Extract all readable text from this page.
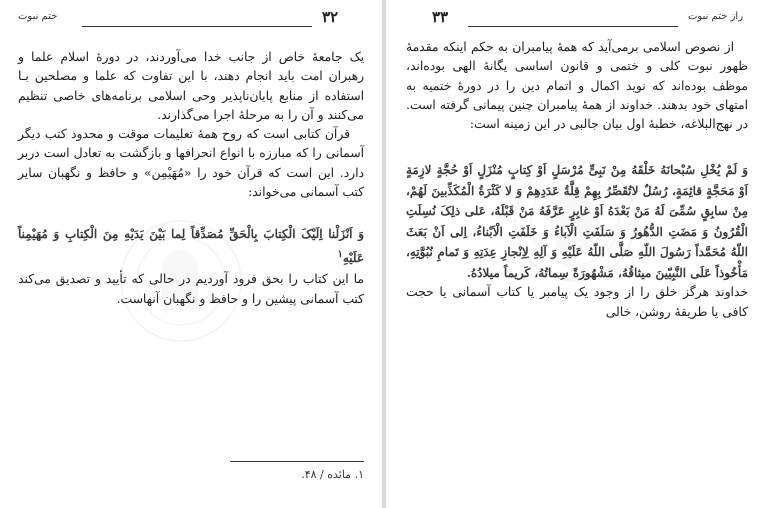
ختم نبوت	۳۲

یک جامعهٔ خاص از جانب خدا می‌آوردند، در دورهٔ اسلام علما و رهبران امت باید انجام دهند، با این تفاوت که علما و مصلحین بـا استفاده از منابع پایان‌ناپذیر وحی اسلامی برنامه‌های خاصی تنظیم می‌کنند و آن را به مرحلهٔ اجرا می‌گذارند.

قرآن کتابی است که روح همهٔ تعلیمات موقت و محدود کتب دیگر آسمانی را که مبارزه با انواع انحرافها و بازگشت به تعادل است دربر دارد. این است که قرآن خود را «مُهَیْمِن» و حافظ و نگهبان سایر کتب آسمانی می‌خواند:

وَ اَنْزَلْنا اِلَیْکَ الْکِتابَ بِالْحَقِّ مُصَدِّقاً لِما بَیْنَ یَدَیْهِ مِنَ الْکِتابِ وَ مُهَیْمِناً عَلَیْهِ$^۱$

ما این کتاب را بحق فرود آوردیم در حالی که تأیید و تصدیق می‌کند کتب آسمانی پیشین را و حافظ و نگهبان آنهاست.

۱. مائده / ۴۸.
۳۳	راز ختم نبوت

از نصوص اسلامی برمی‌آید که همهٔ پیامبران به حکم اینکه مقدمهٔ ظهور نبوت کلی و ختمی و قانون اساسی یگانهٔ الهی بوده‌اند، موظف بوده‌اند که نوید اکمال و اتمام دین را در دورهٔ ختمیه به امتهای خود بدهند. خداوند از همهٔ پیامبران چنین پیمانی گرفته است. در نهج‌البلاغه، خطبهٔ اول بیان جالبی در این زمینه است:

وَ لَمْ یُخْلِ سُبْحانَهُ خَلْقَهُ مِنْ نَبِیٍّ مُرْسَلٍ اَوْ کِتابٍ مُنْزَلٍ اَوْ حُجَّةٍ لازِمَةٍ اَوْ مَحَجَّةٍ قائِمَةٍ، رُسُلٌ لاتُقَصِّرُ بِهِمْ قِلَّةُ عَدَدِهِمْ وَ لا کَثْرَةُ الْمُکَذِّبینَ لَهُمْ، مِنْ سابِقٍ سُمِّیَ لَهُ مَنْ بَعْدَهُ اَوْ غابِرٍ عَرَّفَهُ مَنْ قَبْلَهُ، عَلی ذلِکَ نُسِلَتِ الْقُرُونُ وَ مَضَتِ الدُّهُورُ وَ سَلَفَتِ الْآباءُ وَ خَلَفَتِ الْاَبْناءُ، اِلی اَنْ بَعَثَ اللّهُ مُحَمَّداً رَسُولَ اللّهِ صَلَّی اللّهُ عَلَیْهِ وَ آلِهِ لِاِنْجازِ عِدَتِهِ وَ تَمامِ نُبُوَّتِهِ، مَأْخُوذاً عَلَی النَّبِیّینَ میثاقُهُ، مَشْهُورَةً سِماتُهُ، کَریماً میلادُهُ.

خداوند هرگز خلق را از وجود یک پیامبر یا کتاب آسمانی یا حجت کافی یا طریقهٔ روشن، خالی
